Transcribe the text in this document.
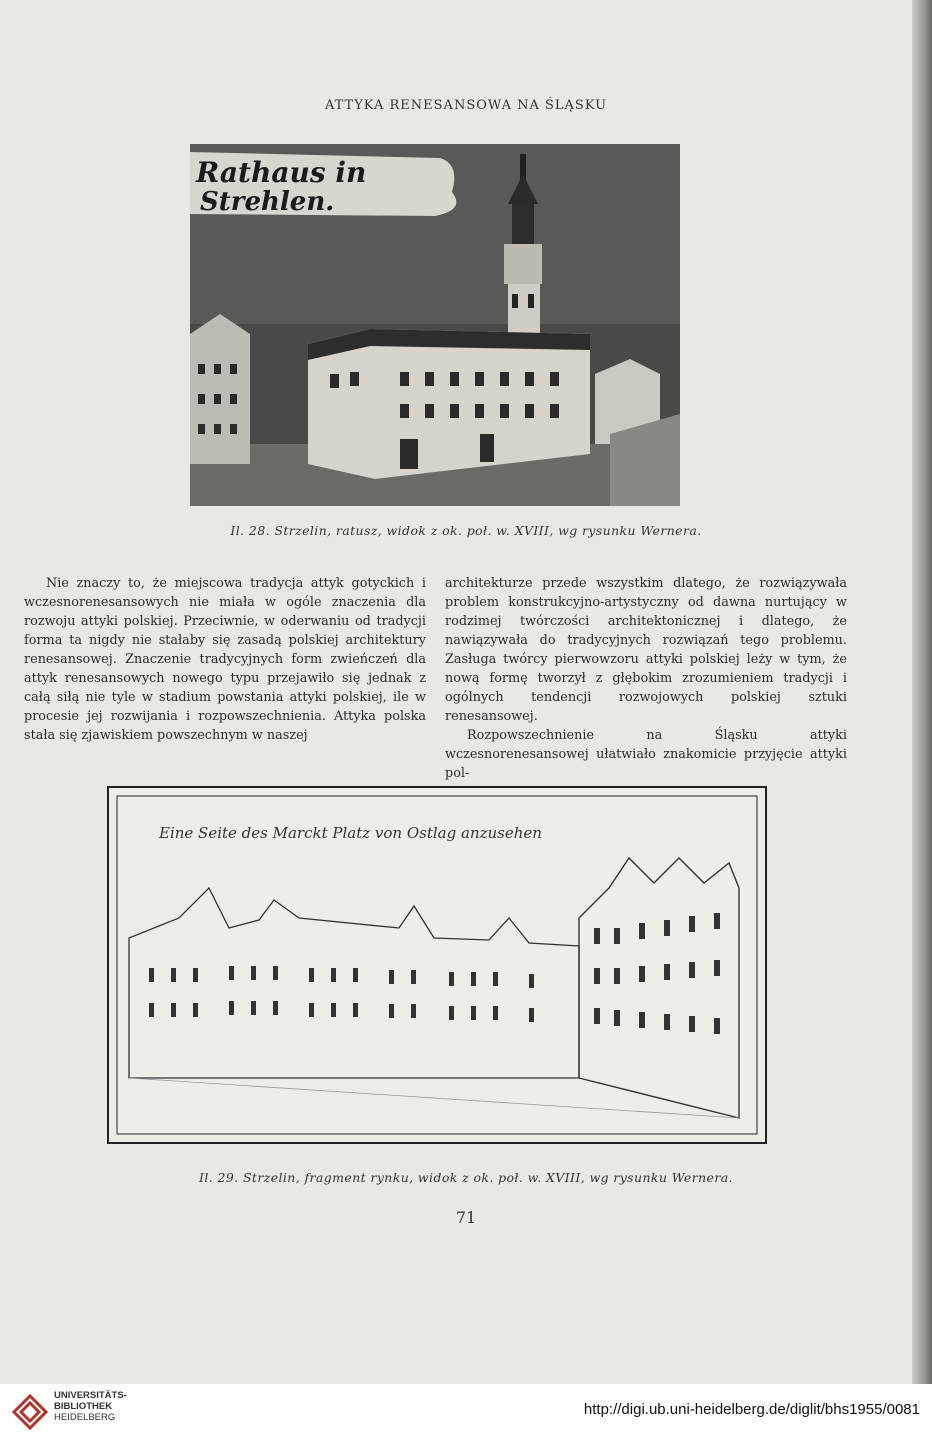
ATTYKA RENESANSOWA NA ŚLĄSKU
Rathaus in
Strehlen.
Il. 28. Strzelin, ratusz, widok z ok. poł. w. XVIII, wg rysunku Wernera.

Nie znaczy to, że miejscowa tradycja attyk gotyckich i wczesnorenesansowych nie miała w ogóle znaczenia dla rozwoju attyki polskiej. Przeciwnie, w oderwaniu od tradycji forma ta nigdy nie stałaby się zasadą polskiej architektury renesansowej. Znaczenie tradycyjnych form zwieńczeń dla attyk renesansowych nowego typu przejawiło się jednak z całą siłą nie tyle w stadium powstania attyki polskiej, ile w procesie jej rozwijania i rozpowszechnienia. Attyka polska stała się zjawiskiem powszechnym w naszej

architekturze przede wszystkim dlatego, że rozwiązywała problem konstrukcyjno-artystyczny od dawna nurtujący w rodzimej twórczości architektonicznej i dlatego, że nawiązywała do tradycyjnych rozwiązań tego problemu. Zasługa twórcy pierwowzoru attyki polskiej leży w tym, że nową formę tworzył z głębokim zrozumieniem tradycji i ogólnych tendencji rozwojowych polskiej sztuki renesansowej.

Rozpowszechnienie na Śląsku attyki wczesnorenesansowej ułatwiało znakomicie przyjęcie attyki pol-

Eine Seite des Marckt Platz von Ostlag anzusehen
Il. 29. Strzelin, fragment rynku, widok z ok. poł. w. XVIII, wg rysunku Wernera.
71
UNIVERSITÄTS-
BIBLIOTHEK
HEIDELBERG	http://digi.ub.uni-heidelberg.de/diglit/bhs1955/0081
